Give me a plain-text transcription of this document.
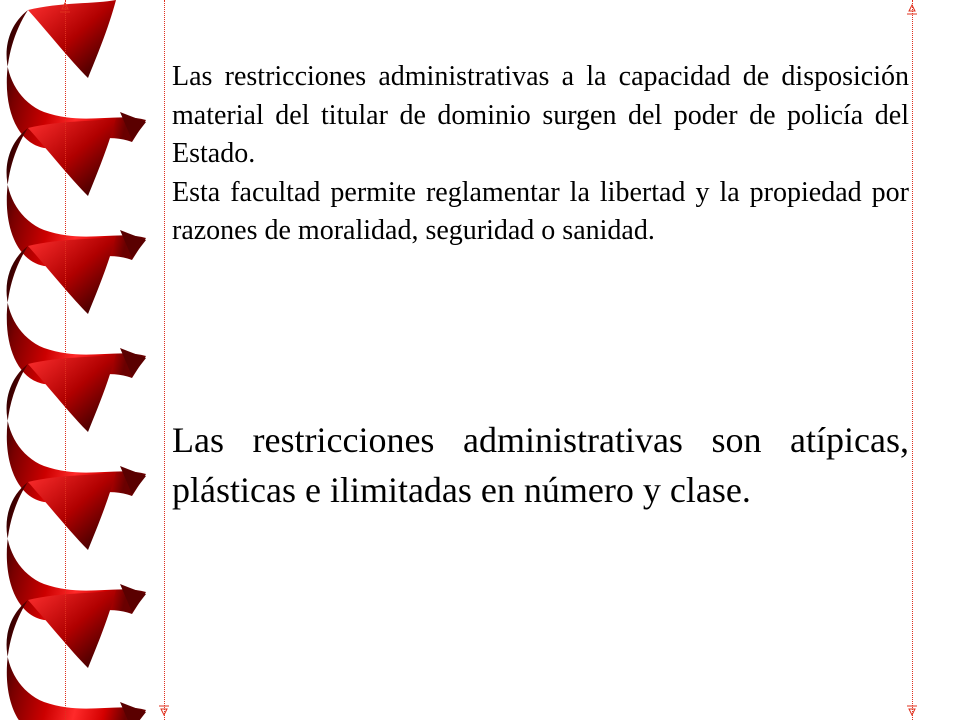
Las restricciones administrativas a la capacidad de disposición material del titular de dominio surgen del poder de policía del Estado.
Esta facultad permite reglamentar la libertad y la propiedad por razones de moralidad, seguridad o sanidad.

Las restricciones administrativas son atípicas, plásticas e ilimitadas en número y clase.
